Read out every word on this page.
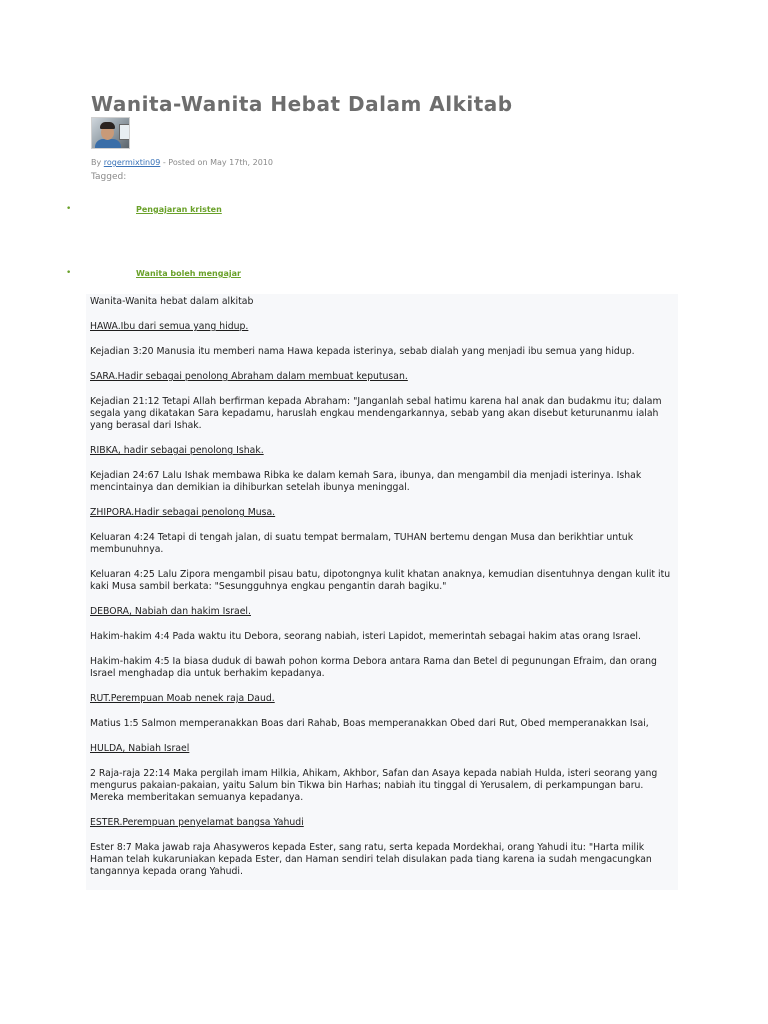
Wanita-Wanita Hebat Dalam Alkitab
By rogermixtin09 - Posted on May 17th, 2010
Tagged:
•	Pengajaran kristen
•	Wanita boleh mengajar

Wanita-Wanita hebat dalam alkitab

HAWA.Ibu dari semua yang hidup.

Kejadian 3:20 Manusia itu memberi nama Hawa kepada isterinya, sebab dialah yang menjadi ibu semua yang hidup.

SARA.Hadir sebagai penolong Abraham dalam membuat keputusan.

Kejadian 21:12 Tetapi Allah berfirman kepada Abraham: "Janganlah sebal hatimu karena hal anak dan budakmu itu; dalam segala yang dikatakan Sara kepadamu, haruslah engkau mendengarkannya, sebab yang akan disebut keturunanmu ialah yang berasal dari Ishak.

RIBKA, hadir sebagai penolong Ishak.

Kejadian 24:67 Lalu Ishak membawa Ribka ke dalam kemah Sara, ibunya, dan mengambil dia menjadi isterinya. Ishak mencintainya dan demikian ia dihiburkan setelah ibunya meninggal.

ZHIPORA.Hadir sebagai penolong Musa.

Keluaran 4:24 Tetapi di tengah jalan, di suatu tempat bermalam, TUHAN bertemu dengan Musa dan berikhtiar untuk membunuhnya.

Keluaran 4:25 Lalu Zipora mengambil pisau batu, dipotongnya kulit khatan anaknya, kemudian disentuhnya dengan kulit itu kaki Musa sambil berkata: "Sesungguhnya engkau pengantin darah bagiku."

DEBORA, Nabiah dan hakim Israel.

Hakim-hakim 4:4 Pada waktu itu Debora, seorang nabiah, isteri Lapidot, memerintah sebagai hakim atas orang Israel.

Hakim-hakim 4:5 Ia biasa duduk di bawah pohon korma Debora antara Rama dan Betel di pegunungan Efraim, dan orang Israel menghadap dia untuk berhakim kepadanya.

RUT.Perempuan Moab nenek raja Daud.

Matius 1:5 Salmon memperanakkan Boas dari Rahab, Boas memperanakkan Obed dari Rut, Obed memperanakkan Isai,

HULDA, Nabiah Israel

2 Raja-raja 22:14 Maka pergilah imam Hilkia, Ahikam, Akhbor, Safan dan Asaya kepada nabiah Hulda, isteri seorang yang mengurus pakaian-pakaian, yaitu Salum bin Tikwa bin Harhas; nabiah itu tinggal di Yerusalem, di perkampungan baru. Mereka memberitakan semuanya kepadanya.

ESTER.Perempuan penyelamat bangsa Yahudi

Ester 8:7 Maka jawab raja Ahasyweros kepada Ester, sang ratu, serta kepada Mordekhai, orang Yahudi itu: "Harta milik Haman telah kukaruniakan kepada Ester, dan Haman sendiri telah disulakan pada tiang karena ia sudah mengacungkan tangannya kepada orang Yahudi.
